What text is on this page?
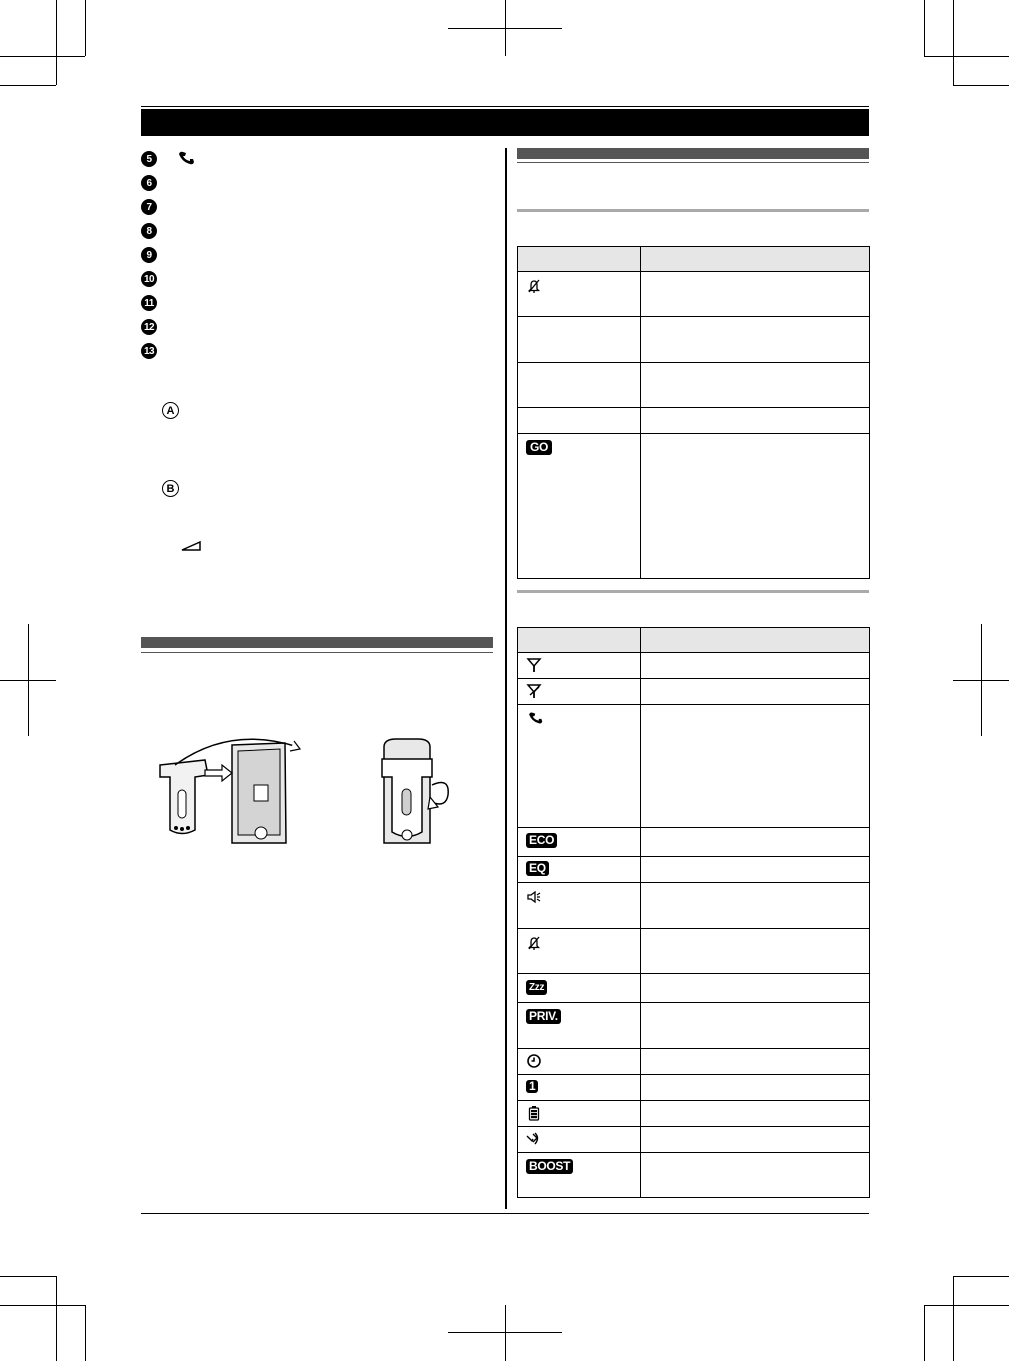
5
6
7
8
9
10
11
12
13
A
B

GO	

ECO	
EQ	

Zzz	
PRIV.	

1	

BOOST	
